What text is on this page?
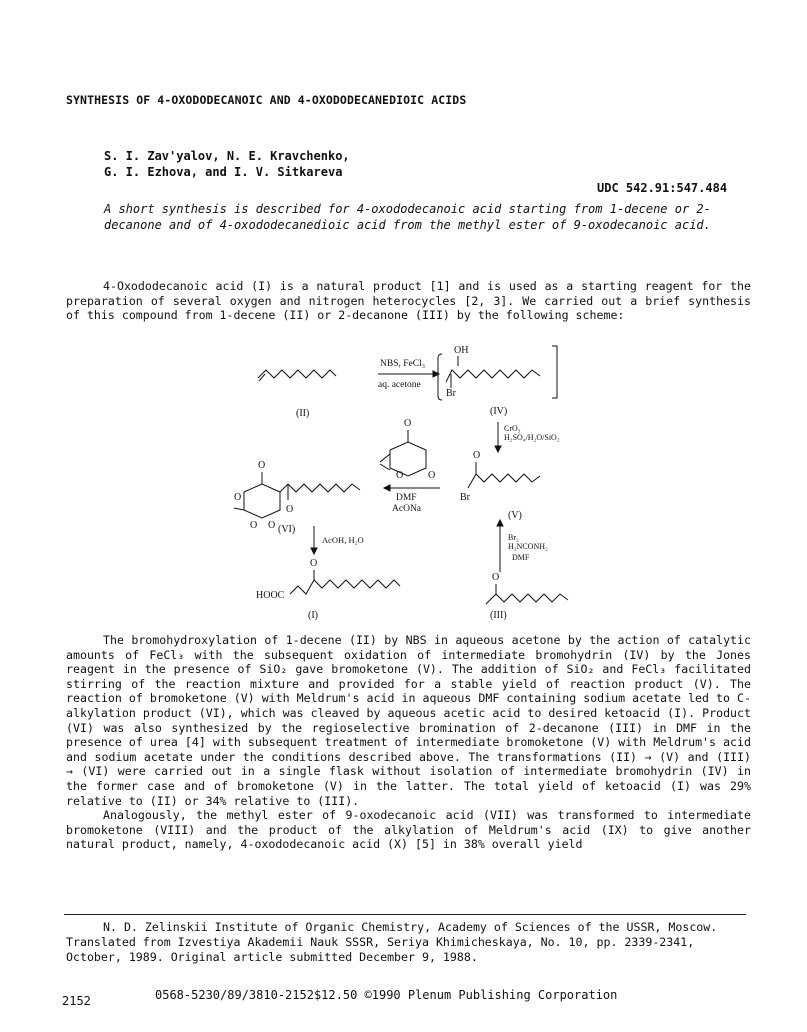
SYNTHESIS OF 4-OXODODECANOIC AND 4-OXODODECANEDIOIC ACIDS
S. I. Zav'yalov, N. E. Kravchenko,
G. I. Ezhova, and I. V. Sitkareva
UDC 542.91:547.484
A short synthesis is described for 4-oxododecanoic acid starting from 1-decene or 2-decanone and of 4-oxododecanedioic acid from the methyl ester of 9-oxodecanoic acid.

4-Oxododecanoic acid (I) is a natural product [1] and is used as a starting reagent for the preparation of several oxygen and nitrogen heterocycles [2, 3]. We carried out a brief synthesis of this compound from 1-decene (II) or 2-decanone (III) by the following scheme:

NBS, FeCl₃
aq. acetone
OH
Br
(II)	(IV)
CrO₃
H₂SO₄/H₂O/SiO₂
O
O O
O
Br
DMF
AcONa
(V)
O
O
O O
O
(VI)
AcOH, H₂O
O
HOOC
(I)
Br₂
H₂NCONH₂
DMF
O
(III)

The bromohydroxylation of 1-decene (II) by NBS in aqueous acetone by the action of catalytic amounts of FeCl₃ with the subsequent oxidation of intermediate bromohydrin (IV) by the Jones reagent in the presence of SiO₂ gave bromoketone (V). The addition of SiO₂ and FeCl₃ facilitated stirring of the reaction mixture and provided for a stable yield of reaction product (V). The reaction of bromoketone (V) with Meldrum's acid in aqueous DMF containing sodium acetate led to C-alkylation product (VI), which was cleaved by aqueous acetic acid to desired ketoacid (I). Product (VI) was also synthesized by the regioselective bromination of 2-decanone (III) in DMF in the presence of urea [4] with subsequent treatment of intermediate bromoketone (V) with Meldrum's acid and sodium acetate under the conditions described above. The transformations (II) → (V) and (III) → (VI) were carried out in a single flask without isolation of intermediate bromohydrin (IV) in the former case and of bromoketone (V) in the latter. The total yield of ketoacid (I) was 29% relative to (II) or 34% relative to (III).

Analogously, the methyl ester of 9-oxodecanoic acid (VII) was transformed to intermediate bromoketone (VIII) and the product of the alkylation of Meldrum's acid (IX) to give another natural product, namely, 4-oxododecanoic acid (X) [5] in 38% overall yield

N. D. Zelinskii Institute of Organic Chemistry, Academy of Sciences of the USSR, Moscow. Translated from Izvestiya Akademii Nauk SSSR, Seriya Khimicheskaya, No. 10, pp. 2339-2341, October, 1989. Original article submitted December 9, 1988.

2152	0568-5230/89/3810-2152$12.50 ©1990 Plenum Publishing Corporation
